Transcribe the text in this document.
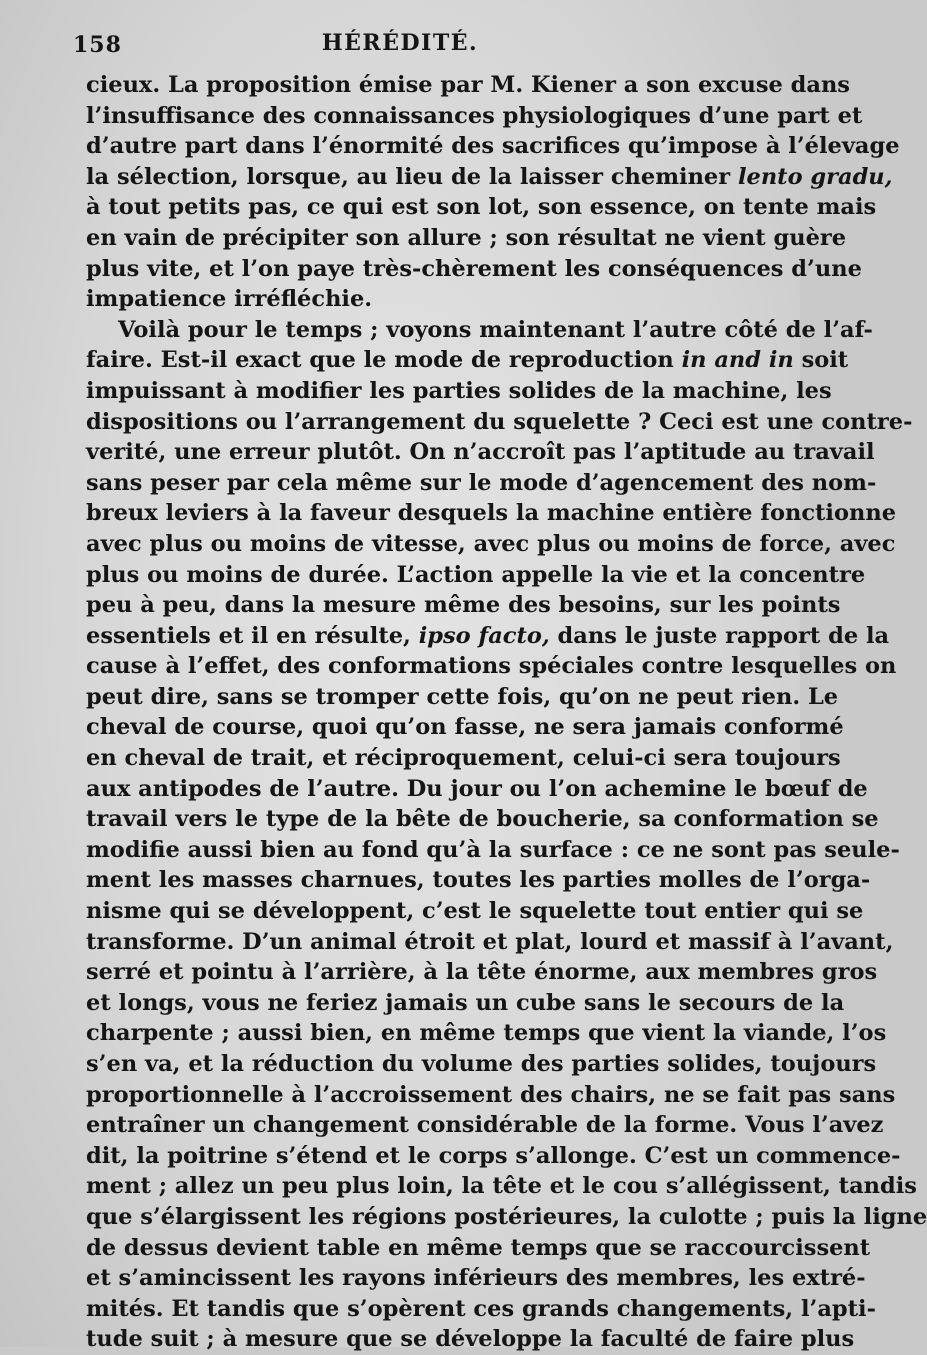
158	HÉRÉDITÉ.
cieux. La proposition émise par M. Kiener a son excuse dans
l’insuffisance des connaissances physiologiques d’une part et
d’autre part dans l’énormité des sacrifices qu’impose à l’élevage
la sélection, lorsque, au lieu de la laisser cheminer lento gradu,
à tout petits pas, ce qui est son lot, son essence, on tente mais
en vain de précipiter son allure ; son résultat ne vient guère
plus vite, et l’on paye très-chèrement les conséquences d’une
impatience irréfléchie.
Voilà pour le temps ; voyons maintenant l’autre côté de l’af-
faire. Est-il exact que le mode de reproduction in and in soit
impuissant à modifier les parties solides de la machine, les
dispositions ou l’arrangement du squelette ? Ceci est une contre-
verité, une erreur plutôt. On n’accroît pas l’aptitude au travail
sans peser par cela même sur le mode d’agencement des nom-
breux leviers à la faveur desquels la machine entière fonctionne
avec plus ou moins de vitesse, avec plus ou moins de force, avec
plus ou moins de durée. L’action appelle la vie et la concentre
peu à peu, dans la mesure même des besoins, sur les points
essentiels et il en résulte, ipso facto, dans le juste rapport de la
cause à l’effet, des conformations spéciales contre lesquelles on
peut dire, sans se tromper cette fois, qu’on ne peut rien. Le
cheval de course, quoi qu’on fasse, ne sera jamais conformé
en cheval de trait, et réciproquement, celui-ci sera toujours
aux antipodes de l’autre. Du jour ou l’on achemine le bœuf de
travail vers le type de la bête de boucherie, sa conformation se
modifie aussi bien au fond qu’à la surface : ce ne sont pas seule-
ment les masses charnues, toutes les parties molles de l’orga-
nisme qui se développent, c’est le squelette tout entier qui se
transforme. D’un animal étroit et plat, lourd et massif à l’avant,
serré et pointu à l’arrière, à la tête énorme, aux membres gros
et longs, vous ne feriez jamais un cube sans le secours de la
charpente ; aussi bien, en même temps que vient la viande, l’os
s’en va, et la réduction du volume des parties solides, toujours
proportionnelle à l’accroissement des chairs, ne se fait pas sans
entraîner un changement considérable de la forme. Vous l’avez
dit, la poitrine s’étend et le corps s’allonge. C’est un commence-
ment ; allez un peu plus loin, la tête et le cou s’allégissent, tandis
que s’élargissent les régions postérieures, la culotte ; puis la ligne
de dessus devient table en même temps que se raccourcissent
et s’amincissent les rayons inférieurs des membres, les extré-
mités. Et tandis que s’opèrent ces grands changements, l’apti-
tude suit ; à mesure que se développe la faculté de faire plus
